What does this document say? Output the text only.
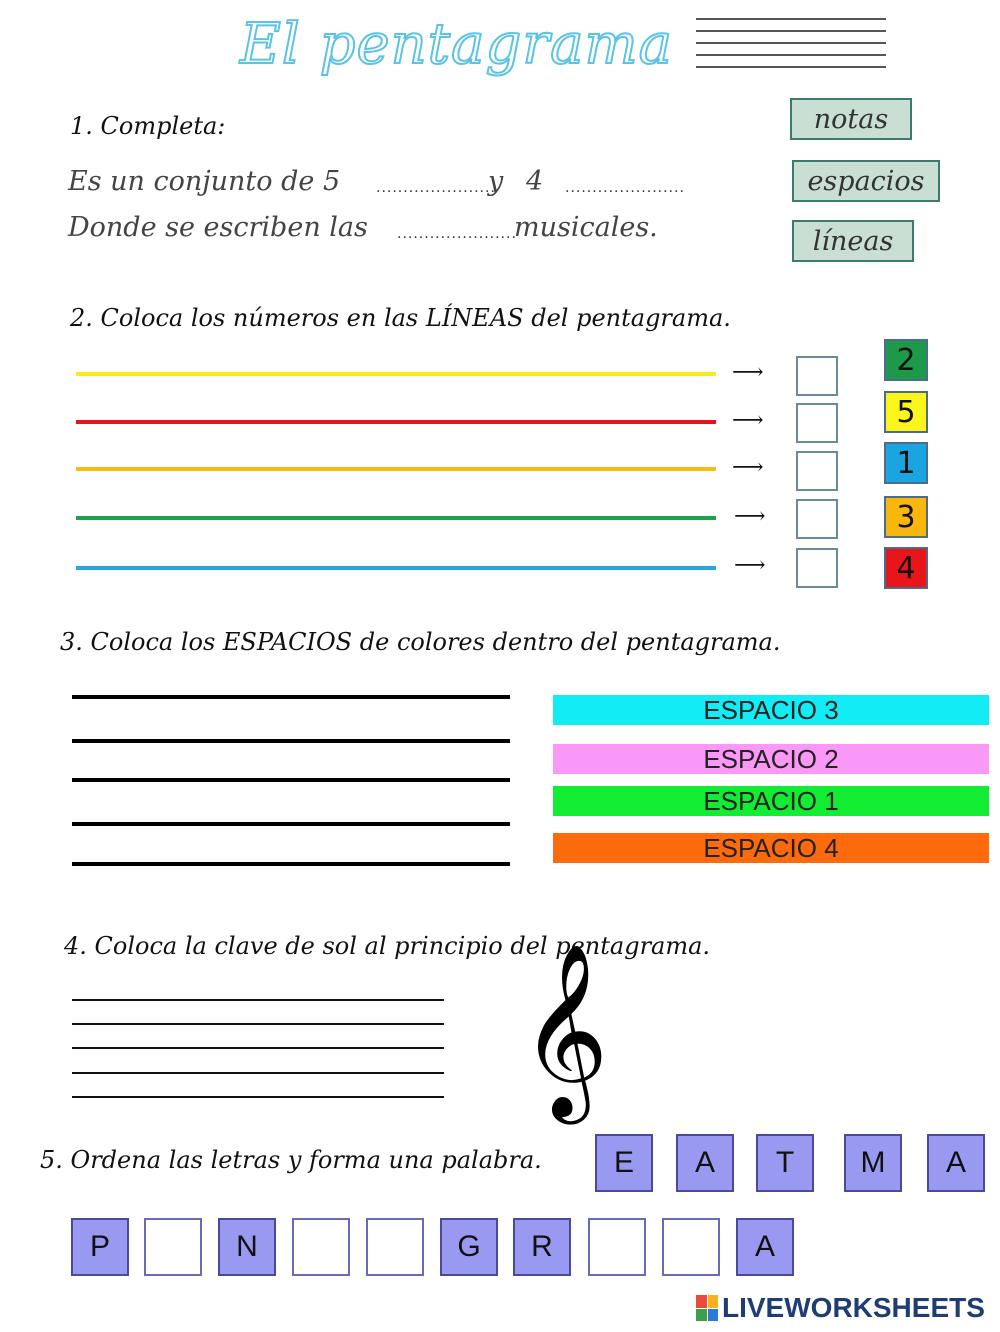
El pentagrama
1. Completa:
Es un conjunto de 5	......................
y 4 ......................
Donde se escriben las ......................
musicales.
notas
espacios
líneas
2. Coloca los números en las LÍNEAS del pentagrama.
⟶
⟶
⟶
⟶
⟶
2
5
1
3
4
3. Coloca los ESPACIOS de colores dentro del pentagrama.
ESPACIO 3
ESPACIO 2
ESPACIO 1
ESPACIO 4
4. Coloca la clave de sol al principio del pentagrama.
𝄞
5. Ordena las letras y forma una palabra.	E	A	T	M	A
P	N	G	R	A
LIVEWORKSHEETS
